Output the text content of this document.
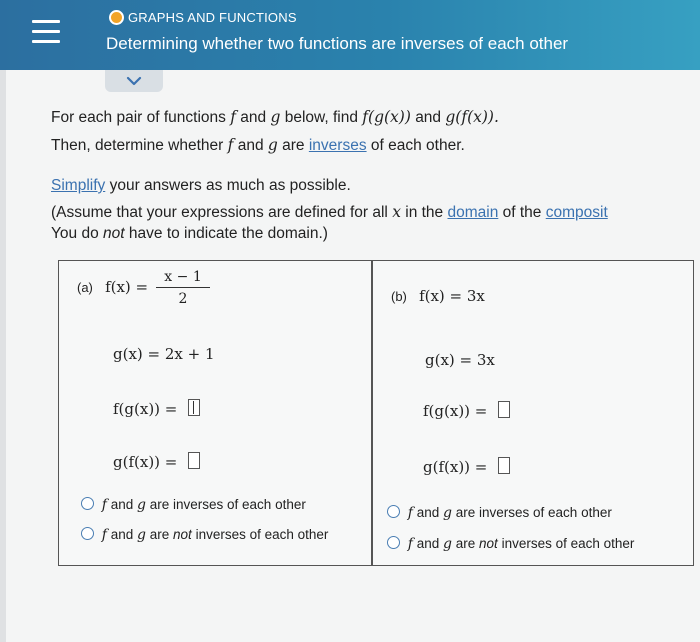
GRAPHS AND FUNCTIONS
Determining whether two functions are inverses of each other
For each pair of functions f and g below, find f(g(x)) and g(f(x)).
Then, determine whether f and g are inverses of each other.
Simplify your answers as much as possible.
(Assume that your expressions are defined for all x in the domain of the composit
You do not have to indicate the domain.)
(a) $f(x) = \frac{x - 1}{2}$
g(x) = 2x + 1
f(g(x)) =
g(f(x)) =
f and g are inverses of each other
f and g are not inverses of each other
(b) f(x) = 3x
g(x) = 3x
f(g(x)) =
g(f(x)) =
f and g are inverses of each other
f and g are not inverses of each other
